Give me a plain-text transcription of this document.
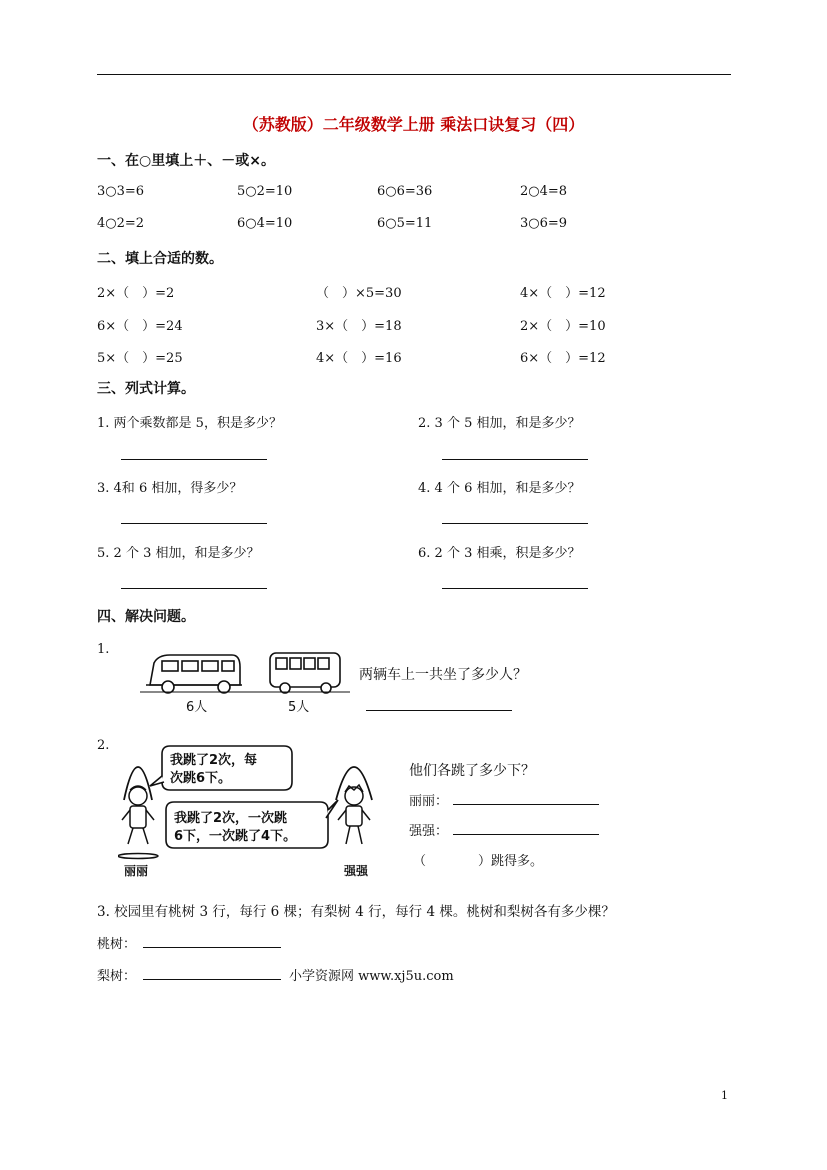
（苏教版）二年级数学上册 乘法口诀复习（四）
一、在○里填上＋、－或×。
3○3=6	5○2=10	6○6=36	2○4=8
4○2=2	6○4=10	6○5=11	3○6=9
二、填上合适的数。
2×（　）=2	（　）×5=30	4×（　）=12
6×（　）=24	3×（　）=18	2×（　）=10
5×（　）=25	4×（　）=16	6×（　）=12
三、列式计算。
1. 两个乘数都是 5，积是多少？	2. 3 个 5 相加，和是多少？
3. 4和 6 相加，得多少？	4. 4 个 6 相加，和是多少？
5. 2 个 3 相加，和是多少？	6. 2 个 3 相乘，积是多少？
四、解决问题。
1.
6人	5人
两辆车上一共坐了多少人？
2.
丽丽
我跳了2次，每
次跳6下。
我跳了2次，一次跳
6下，一次跳了4下。
强强
他们各跳了多少下？
丽丽：
强强：
（　　　　）跳得多。
3. 校园里有桃树 3 行，每行 6 棵；有梨树 4 行，每行 4 棵。桃树和梨树各有多少棵？
桃树：
梨树：	小学资源网 www.xj5u.com
1
